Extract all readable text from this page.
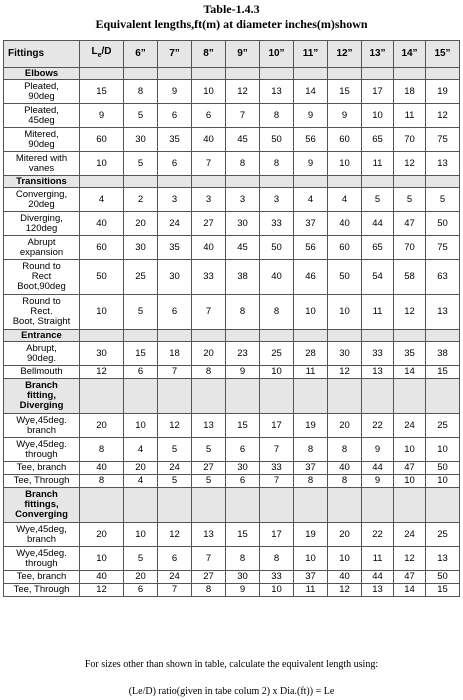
Table-1.4.3
Equivalent lengths,ft(m) at diameter inches(m)shown
Fittings	$L_e/D$	6”	7”	8”	9”	10”	11”	12”	13”	14”	15”
Elbows											
Pleated,
90deg	15	8	9	10	12	13	14	15	17	18	19
Pleated,
45deg	9	5	6	6	7	8	9	9	10	11	12
Mitered,
90deg	60	30	35	40	45	50	56	60	65	70	75
Mitered with
vanes	10	5	6	7	8	8	9	10	11	12	13
Transitions											
Converging,
20deg	4	2	3	3	3	3	4	4	5	5	5
Diverging,
120deg	40	20	24	27	30	33	37	40	44	47	50
Abrupt
expansion	60	30	35	40	45	50	56	60	65	70	75
Round to
Rect
Boot,90deg	50	25	30	33	38	40	46	50	54	58	63
Round to
Rect.
Boot, Straight	10	5	6	7	8	8	10	10	11	12	13
Entrance											
Abrupt,
90deg.	30	15	18	20	23	25	28	30	33	35	38
Bellmouth	12	6	7	8	9	10	11	12	13	14	15
Branch
fitting,
Diverging											
Wye,45deg.
branch	20	10	12	13	15	17	19	20	22	24	25
Wye,45deg.
through	8	4	5	5	6	7	8	8	9	10	10
Tee, branch	40	20	24	27	30	33	37	40	44	47	50
Tee, Through	8	4	5	5	6	7	8	8	9	10	10
Branch
fittings,
Converging											
Wye,45deg,
branch	20	10	12	13	15	17	19	20	22	24	25
Wye,45deg.
through	10	5	6	7	8	8	10	10	11	12	13
Tee, branch	40	20	24	27	30	33	37	40	44	47	50
Tee, Through	12	6	7	8	9	10	11	12	13	14	15
For sizes other than shown in table, calculate the equivalent length using:
(Le/D) ratio(given in tabe colum 2) x Dia.(ft)) = Le
